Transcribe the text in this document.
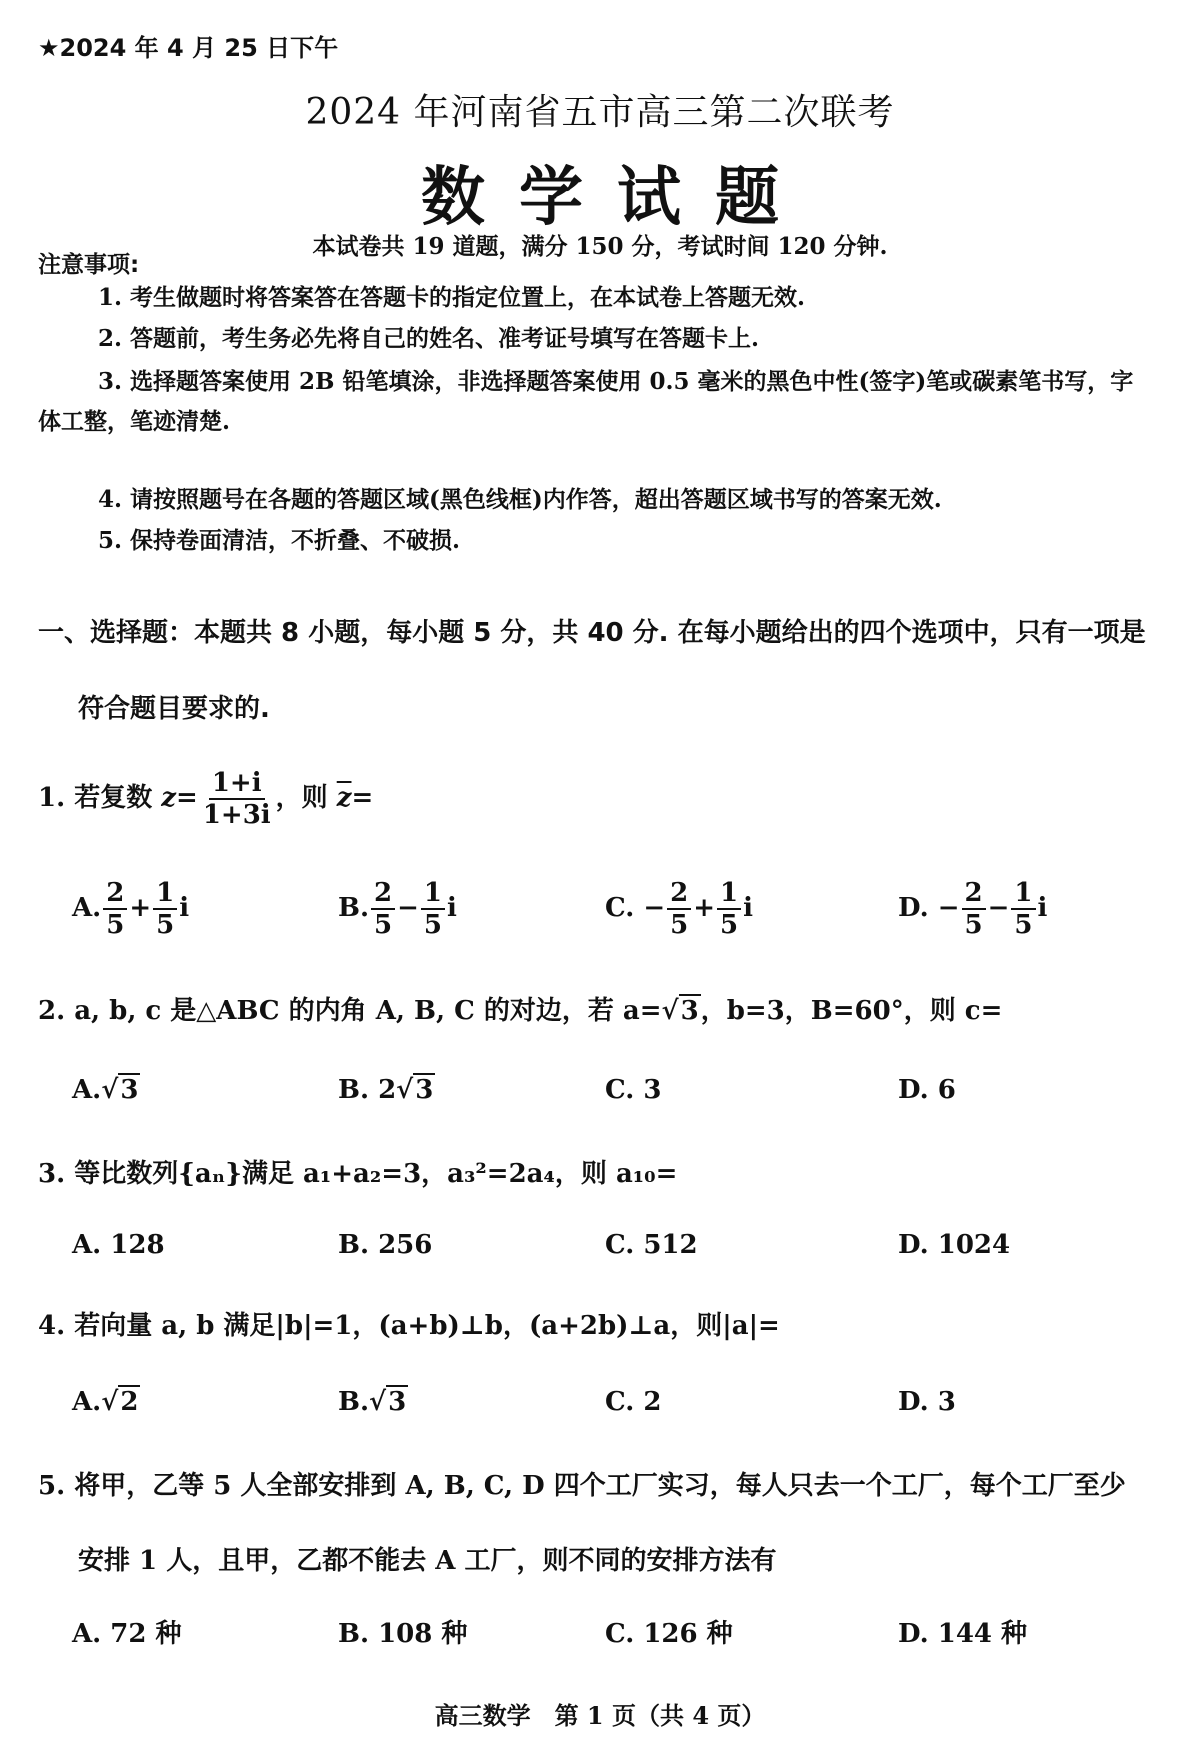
★2024 年 4 月 25 日下午
2024 年河南省五市高三第二次联考
数学试题
本试卷共 19 道题，满分 150 分，考试时间 120 分钟.
注意事项:
1. 考生做题时将答案答在答题卡的指定位置上，在本试卷上答题无效.
2. 答题前，考生务必先将自己的姓名、准考证号填写在答题卡上.
3. 选择题答案使用 2B 铅笔填涂，非选择题答案使用 0.5 毫米的黑色中性(签字)笔或碳素笔书写，字体工整，笔迹清楚.
4. 请按照题号在各题的答题区域(黑色线框)内作答，超出答题区域书写的答案无效.
5. 保持卷面清洁，不折叠、不破损.
一、选择题：本题共 8 小题，每小题 5 分，共 40 分. 在每小题给出的四个选项中，只有一项是
符合题目要求的.
1. 若复数 $z= \frac{1+i}{1+3i}$ ，则 $\overline{z}=$
A. $\frac{2}{5} + \frac{1}{5}$ i	B. $\frac{2}{5} - \frac{1}{5}$ i	C. − $\frac{2}{5} + \frac{1}{5}$ i	D. − $\frac{2}{5} - \frac{1}{5}$ i
2. a, b, c 是△ABC 的内角 A, B, C 的对边，若 a=√3，b=3，B=60°，则 c=
A.√3	B. 2√3	C. 3	D. 6
3. 等比数列{aₙ}满足 a₁+a₂=3，a₃²=2a₄，则 a₁₀=
A. 128	B. 256	C. 512	D. 1024
4. 若向量 a, b 满足|b|=1，(a+b)⊥b，(a+2b)⊥a，则|a|=
A.√2	B.√3	C. 2	D. 3
5. 将甲，乙等 5 人全部安排到 A, B, C, D 四个工厂实习，每人只去一个工厂，每个工厂至少
安排 1 人，且甲，乙都不能去 A 工厂，则不同的安排方法有
A. 72 种	B. 108 种	C. 126 种	D. 144 种
高三数学　第 1 页（共 4 页）
